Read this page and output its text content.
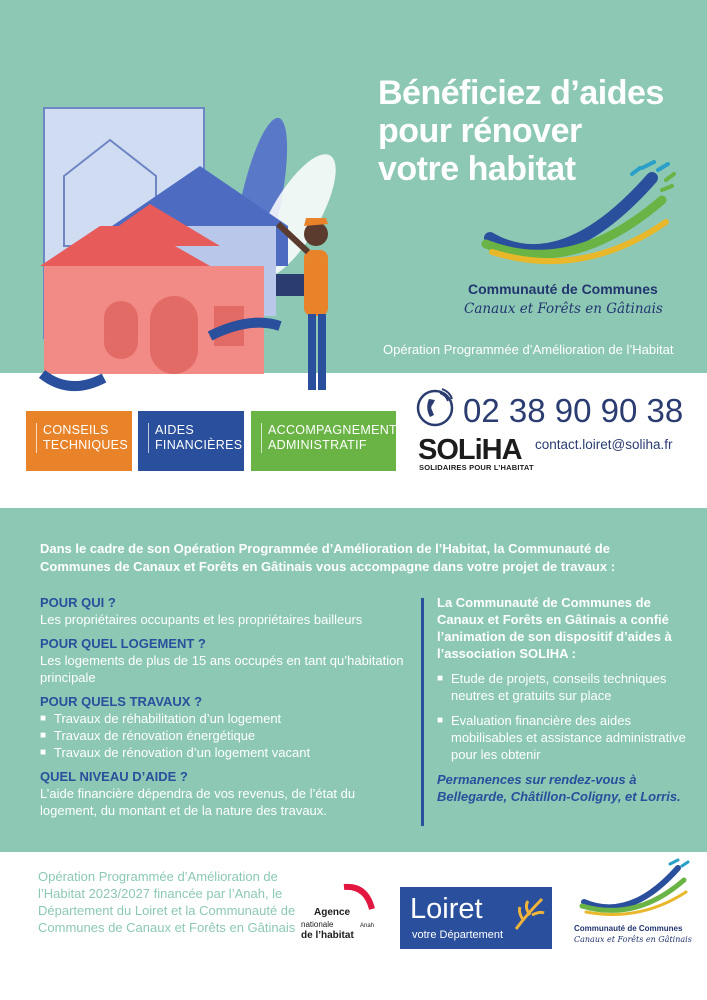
Bénéficiez d’aides
pour rénover
votre habitat
Communauté de Communes
Canaux et Forêts en Gâtinais
Opération Programmée d’Amélioration de l’Habitat
CONSEILS
TECHNIQUES
AIDES
FINANCIÈRES
ACCOMPAGNEMENT
ADMINISTRATIF
02 38 90 90 38
SOLiHA
SOLIDAIRES POUR L’HABITAT
contact.loiret@soliha.fr
Dans le cadre de son Opération Programmée d’Amélioration de l’Habitat, la Communauté de Communes de Canaux et Forêts en Gâtinais vous accompagne dans votre projet de travaux :
POUR QUI ?
Les propriétaires occupants et les propriétaires bailleurs
POUR QUEL LOGEMENT ?
Les logements de plus de 15 ans occupés en tant qu’habitation principale
POUR QUELS TRAVAUX ?
■ Travaux de réhabilitation d’un logement
■ Travaux de rénovation énergétique
■ Travaux de rénovation d’un logement vacant
QUEL NIVEAU D’AIDE ?
L’aide financière dépendra de vos revenus, de l’état du logement, du montant et de la nature des travaux.
La Communauté de Communes de Canaux et Forêts en Gâtinais a confié l’animation de son dispositif d’aides à l’association SOLIHA :
■ Etude de projets, conseils techniques neutres et gratuits sur place
■ Evaluation financière des aides mobilisables et assistance administrative pour les obtenir
Permanences sur rendez-vous à Bellegarde, Châtillon-Coligny, et Lorris.
Opération Programmée d’Amélioration de l’Habitat 2023/2027 financée par l’Anah, le Département du Loiret et la Communauté de Communes de Canaux et Forêts en Gâtinais
Agence
nationale
de l’habitat
Anah
Loiret
votre Département
Communauté de Communes
Canaux et Forêts en Gâtinais
